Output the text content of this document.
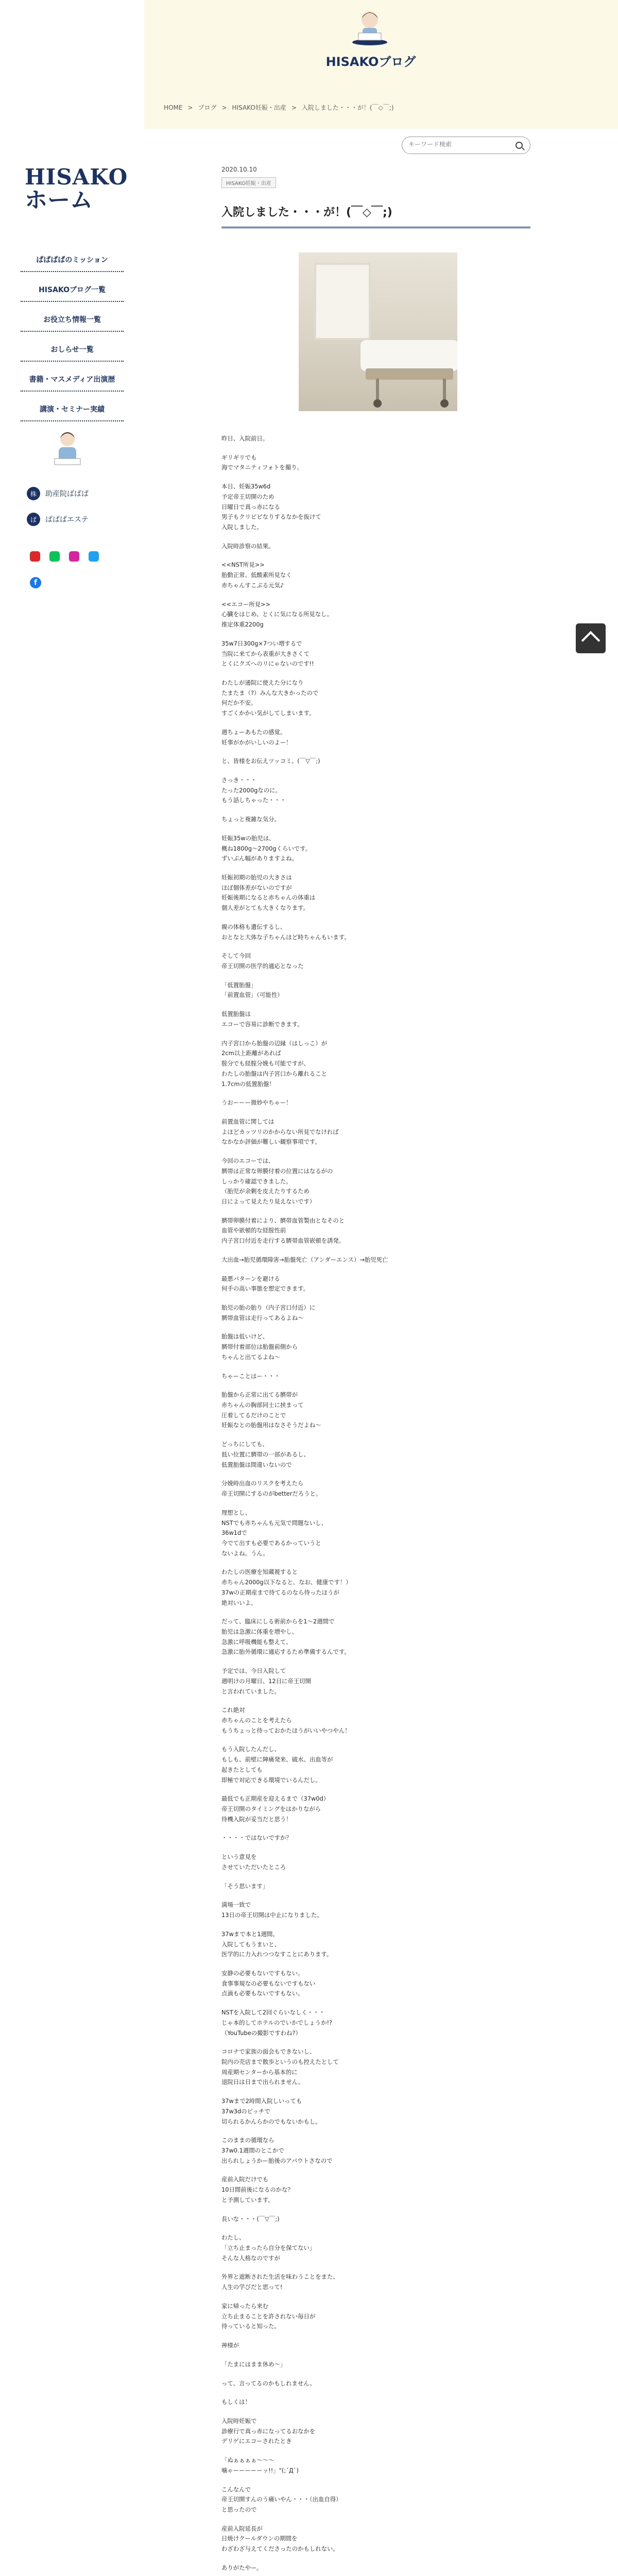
HISAKOブログ
HOME > ブログ > HISAKO妊娠・出産 > 入院しました・・・が！(￣◇￣;)
キーワード検索
HISAKO
ホーム
ぱぱぱぱのミッション
HISAKOブログ一覧
お役立ち情報一覧
おしらせ一覧
書籍・マスメディア出演歴
講演・セミナー実績
株	助産院ばぱぱ
ぱ	ぱぱぱエステ
f
2020.10.10
HISAKO妊娠・出産
入院しました・・・が！(￣◇￣;)

昨日、入院前日。

ギリギリでも
海でマタニティフォトを撮り。

本日、妊娠35w6d
予定帝王切開のため
日曜日で真っ赤になる
男子もクリビビなりするなかを抜けて
入院しました。

入院時診察の結果。

<<NST所見>>
胎動正常、低酸素所見なく
赤ちゃんすこぶる元気♪

<<エコー所見>>
心臓をはじめ、とくに気になる所見なし。
推定体重2200g

35w7日300g×7つい増するで
当院に来てから表重が大きさくて
とくにクズへのリにゃないのです!!

わたしが通院に使えた分になり
たまたま（?）みんな大きかったので
何だか不安。
すごくかかい気がしてしまいます。

週ちょーあもたの感覚。
妊事がかがいしいのよー！

と、皆様をお伝えツッコミ。(￣▽￣;)

さっき・・・
たった2000gなのに。
もう話しちゃった・・・

ちょっと複雑な気分。

妊娠35wの胎児は、
概ね1800g〜2700gくらいです。
ずいぶん幅がありますよね。

妊娠初期の胎児の大きさは
ほぼ個体差がないのですが
妊娠後期になると赤ちゃんの体重は
個人差がとても大きくなります。

親の体格も遺伝するし、
おとなと大体な子ちゃんほど時ちゃんもいます。

そして今回
帝王切開の医学的適応となった

「低置胎盤」
「前置血管」（可能性）

低置胎盤は
エコーで容易に診断できます。

内子宮口から胎盤の辺縁（はしっこ）が
2cm以上距離があれば
腟分でも経腟分娩も可能ですが、
わたしの胎盤は内子宮口から離れること
1.7cmの低置胎盤！

うおーーー微妙やちゃー！

前置血管に関しては
よほどカッツリのかからない所見でなければ
なかなか評価が難しい観察事項です。

今回のエコーでは、
臍帯は正常な卵膜付着の位置にはなるがの
しっかり確認できました。
（胎児が余剰を皮えたりするため
日によって見えたり見えないです）

臍帯卵膜付着により、臍帯血管製由となそのと
血管や嵌頓的な経腟性前
内子宮口付近を走行する臍帯血管嵌頓を誘発。

大出血→胎児循環障害→胎盤死亡（アンダーエンス）→胎児死亡

最悪パターンを避ける
何手の高い事態を想定できます。

胎児の胎の胎り（内子宮口付近）に
臍帯血管は走行ってあるよね〜

胎盤は低いけど、
臍帯付着部位は胎盤前側から
ちゃんと出てるよね〜

ちゃーことはー・・・

胎盤から正常に出てる臍帯が
赤ちゃんの胸部同士に挟まって
圧着してるだけのことで
妊娠なとの胎盤用はなさそうだよね〜

どっちにしても、
低い位置に臍帯の一部があるし、
低置胎盤は間違いないので

分娩時出血のリスクを考えたら
帝王切開にするのがbetterだろうと。

理想とし、
NSTでも赤ちゃんも元気で問題ないし、
36w1dで
今でて出すも必要であるかっていうと
ないよね。うん。

わたしの医療を知蔵視すると
赤ちゃん2000g以下なると、なお、健康です！）
37wの正期産まで待てるのなら待ったほうが
絶対いいよ。

だって、臨床にしる術前からを1〜2週間で
胎児は急激に体重を増やし、
急激に呼吸機能も整えて、
急激に胎外循環に適応するため準備するんです。

予定では、今日入院して
週明けの月曜日、12日に帝王切開
と言われていました。

これ絶対
赤ちゃんのことを考えたら
もうちょっと待っておかたほうがいいやつやん！

もう入院したんだし、
もしも、前壁に陣痛発来、破水、出血等が
起きたとしても
即極で対応できる環境でいるんだし。

最低でも正期産を迎えるまで（37w0d）
帝王切開のタイミングをはかりながら
待機入院が妥当だと思う！

・・・・ではないですか？

という意見を
させていただいたところ

「そう思います」

満場一致で
13日の帝王切開は中止になりました。

37wまで本と1週間。
入院してもうまいと、
医学的に力入れつつなすことにあります。

安静の必要もないですもない。
食事事規なの必要もないですもない
点滴も必要もないですもない。

NSTを入院して2回ぐらいなしく・・・
じゃ本的してホテルのでいかでしょうか!?
（YouTubeの撮影ですわね?）

コロナで家族の面会もできないし、
院内の売店まで散歩というのも控えたとして
周産期センターから基本的に
退院日は日まで出られません。

37wまで2時間入院しいっても
37w3dのピッチで
切られるかんらかのでもないかもし。

このままの循環なら
37w0.1週間のとこかで
出られしょうかー胎後のアパウトさなので

産前入院だけでも
10日間前後になるのかな？
と予測しています。

長いな・・・(￣▽￣;)

わたし、
「立ち止まったら自分を保てない」
そんな人格なのですが

外界と遮断された生活を味わうことをまた、
人生の学びだと思って!

家に帰ったら来む
立ち止まることを許されない毎日が
待っていると知った。

神様が

「たまにはまま休め〜」

って、言ってるのかもしれません。

もしくは！

入院時妊娠で
診療行で真っ赤になってるおなかを
デリゲにエコーされたとき

「ぬぁぁぁぁ〜〜〜
噛ゃーーーーーッ!!」"(;´Д`)

こんなんで
帝王切開すんのう痛いやん・・・（出血自得）
と思ったので

産前入院延長が
日焼けクールダウンの期間を
わざわざ与えてくださったのかもしれない。

ありがたやー。
